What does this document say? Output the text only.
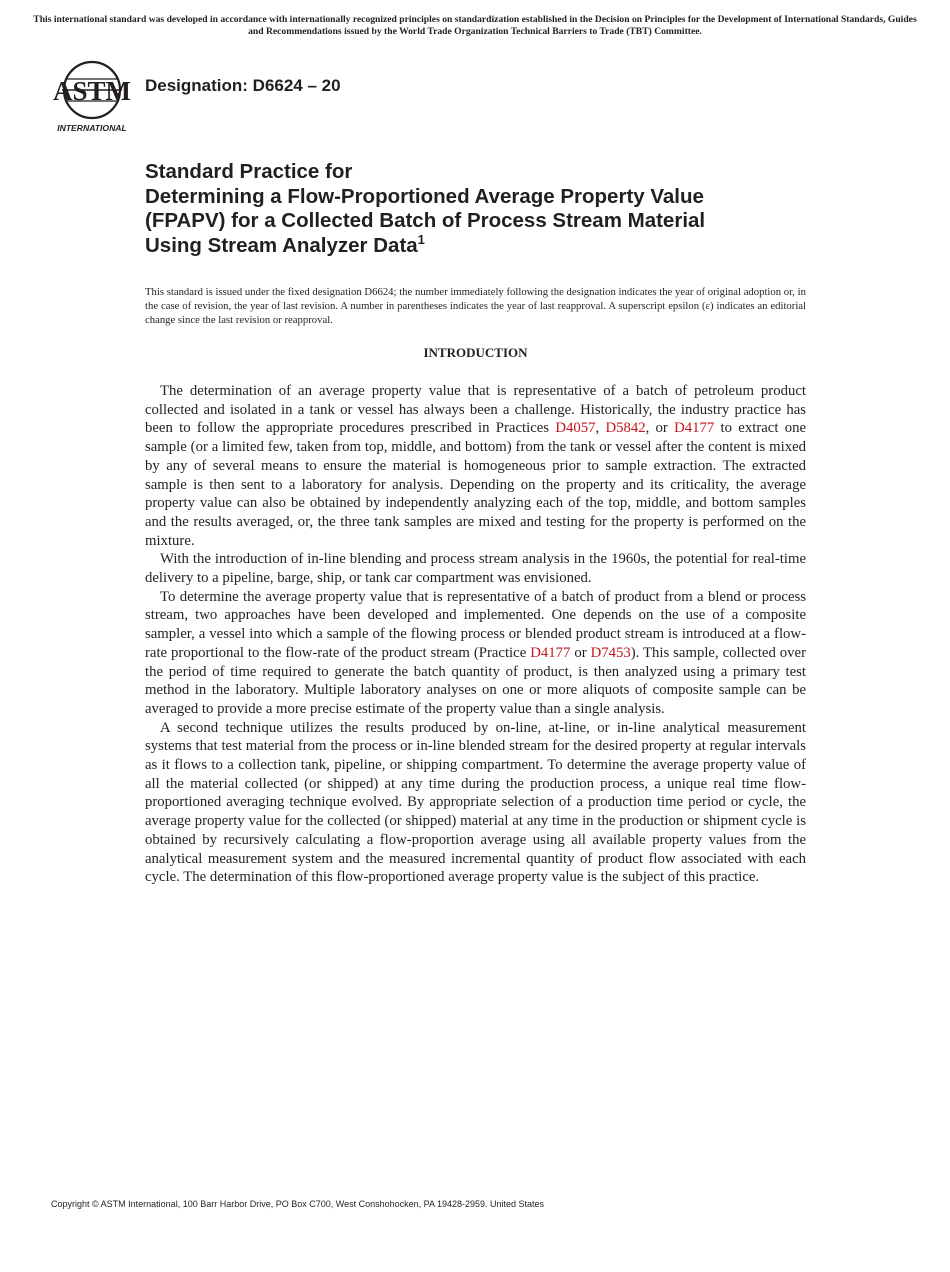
This international standard was developed in accordance with internationally recognized principles on standardization established in the Decision on Principles for the Development of International Standards, Guides and Recommendations issued by the World Trade Organization Technical Barriers to Trade (TBT) Committee.
ASTM
INTERNATIONAL
Designation: D6624 – 20
Standard Practice for
Determining a Flow-Proportioned Average Property Value
(FPAPV) for a Collected Batch of Process Stream Material
Using Stream Analyzer Data$^1$
This standard is issued under the fixed designation D6624; the number immediately following the designation indicates the year of original adoption or, in the case of revision, the year of last revision. A number in parentheses indicates the year of last reapproval. A superscript epsilon (ε) indicates an editorial change since the last revision or reapproval.
INTRODUCTION

The determination of an average property value that is representative of a batch of petroleum product collected and isolated in a tank or vessel has always been a challenge. Historically, the industry practice has been to follow the appropriate procedures prescribed in Practices D4057, D5842, or D4177 to extract one sample (or a limited few, taken from top, middle, and bottom) from the tank or vessel after the content is mixed by any of several means to ensure the material is homogeneous prior to sample extraction. The extracted sample is then sent to a laboratory for analysis. Depending on the property and its criticality, the average property value can also be obtained by independently analyzing each of the top, middle, and bottom samples and the results averaged, or, the three tank samples are mixed and testing for the property is performed on the mixture.

With the introduction of in-line blending and process stream analysis in the 1960s, the potential for real-time delivery to a pipeline, barge, ship, or tank car compartment was envisioned.

To determine the average property value that is representative of a batch of product from a blend or process stream, two approaches have been developed and implemented. One depends on the use of a composite sampler, a vessel into which a sample of the flowing process or blended product stream is introduced at a flow-rate proportional to the flow-rate of the product stream (Practice D4177 or D7453). This sample, collected over the period of time required to generate the batch quantity of product, is then analyzed using a primary test method in the laboratory. Multiple laboratory analyses on one or more aliquots of composite sample can be averaged to provide a more precise estimate of the property value than a single analysis.

A second technique utilizes the results produced by on-line, at-line, or in-line analytical measurement systems that test material from the process or in-line blended stream for the desired property at regular intervals as it flows to a collection tank, pipeline, or shipping compartment. To determine the average property value of all the material collected (or shipped) at any time during the production process, a unique real time flow-proportioned averaging technique evolved. By appropriate selection of a production time period or cycle, the average property value for the collected (or shipped) material at any time in the production or shipment cycle is obtained by recursively calculating a flow-proportion average using all available property values from the analytical measurement system and the measured incremental quantity of product flow associated with each cycle. The determination of this flow-proportioned average property value is the subject of this practice.

Copyright © ASTM International, 100 Barr Harbor Drive, PO Box C700, West Conshohocken, PA 19428-2959. United States
